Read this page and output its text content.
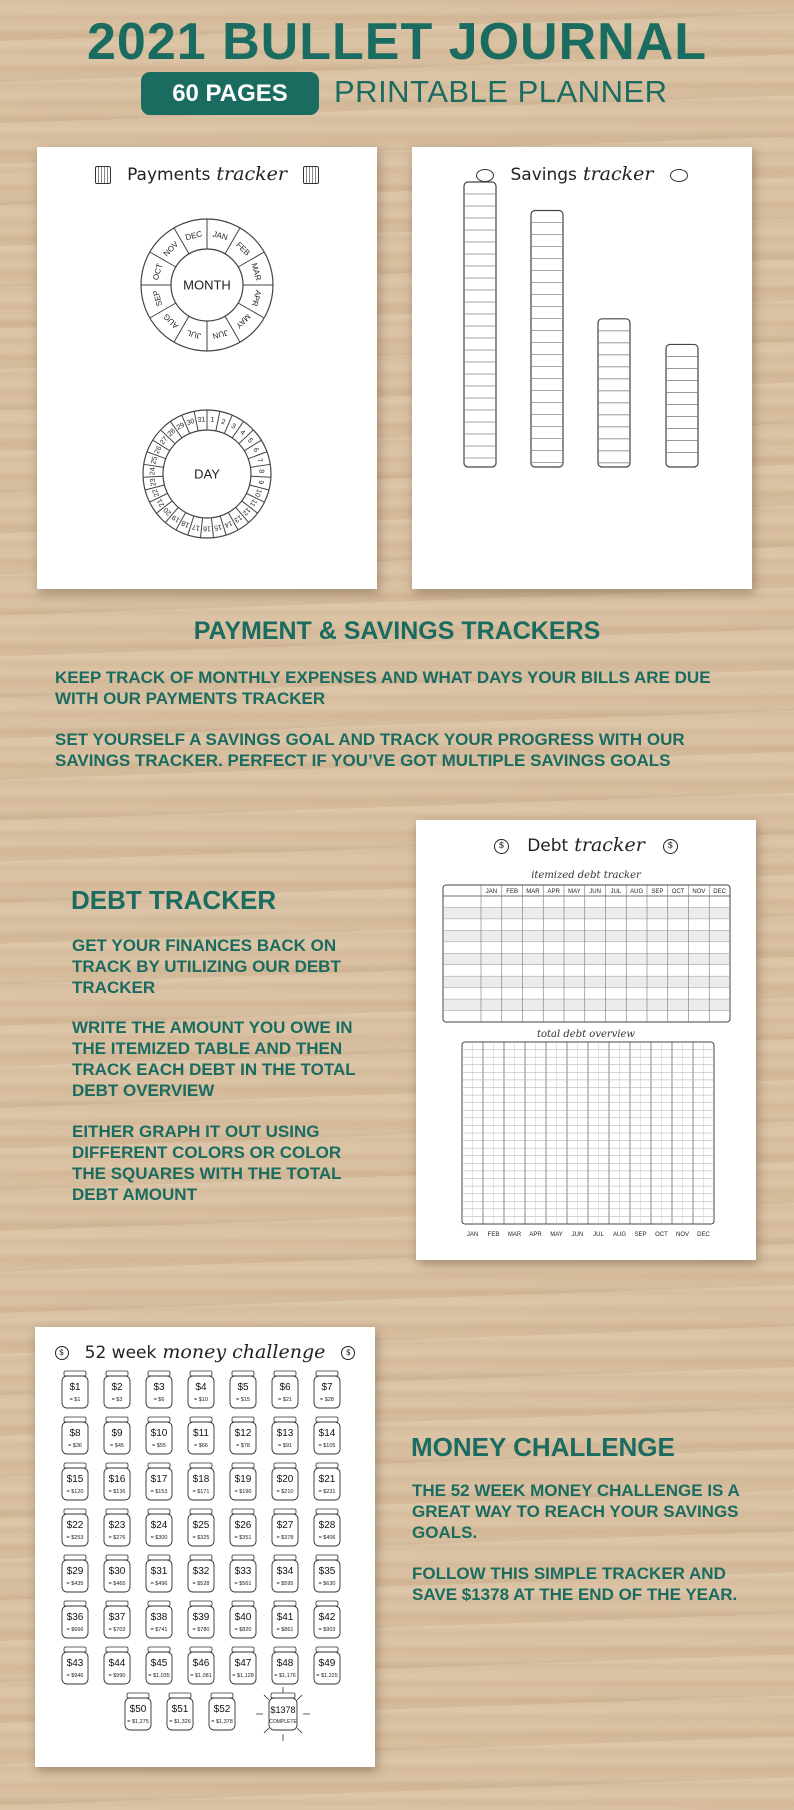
2021 BULLET JOURNAL
60 PAGES	PRINTABLE PLANNER
Payments tracker
JAN
FEB
MAR
APR
MAY
JUN
JUL
AUG
SEP
OCT
NOV
DEC
MONTH
1 2
3
4
5
6
7
8
9
10
11
12
13
14
15
16
17
18
19
20
21
22
23
24
25
26
27
28
29 30 31
DAY
Savings tracker
PAYMENT & SAVINGS TRACKERS
KEEP TRACK OF MONTHLY EXPENSES AND WHAT DAYS YOUR BILLS ARE DUE WITH OUR PAYMENTS TRACKER
SET YOURSELF A SAVINGS GOAL AND TRACK YOUR PROGRESS WITH OUR SAVINGS TRACKER. PERFECT IF YOU’VE GOT MULTIPLE SAVINGS GOALS
$ Debt tracker	$
itemized debt tracker
total debt overview
JAN FEB MAR APR MAY JUN JUL AUG SEP OCT NOV DEC
JAN FEB MAR APR MAY JUN JUL AUG SEP OCT NOV DEC
DEBT TRACKER
GET YOUR FINANCES BACK ON TRACK BY UTILIZING OUR DEBT TRACKER
WRITE THE AMOUNT YOU OWE IN THE ITEMIZED TABLE AND THEN TRACK EACH DEBT IN THE TOTAL DEBT OVERVIEW
EITHER GRAPH IT OUT USING DIFFERENT COLORS OR COLOR THE SQUARES WITH THE TOTAL DEBT AMOUNT
$ 52 week money challenge	$
$1
= $1
$2
= $3
$3
= $6
$4
= $10
$5
= $15
$6
= $21
$7
= $28
$8
= $36
$9
= $45
$10
= $55
$11
= $66
$12
= $78
$13
= $91
$14
= $105
$15
= $120
$16
= $136
$17
= $153
$18
= $171
$19
= $190
$20
= $210
$21
= $231
$22
= $253
$23
= $276
$24
= $300
$25
= $325
$26
= $351
$27
= $378
$28
= $406
$29
= $435
$30
= $465
$31
= $496
$32
= $528
$33
= $561
$34
= $595
$35
= $630
$36
= $666
$37
= $703
$38
= $741
$39
= $780
$40
= $820
$41
= $861
$42
= $903
$43
= $946
$44
= $990
$45
= $1,035
$46
= $1,081
$47
= $1,128
$48
= $1,176
$49
= $1,225
$50
= $1,275
$51
= $1,326
$52
= $1,378
$1378
COMPLETE
MONEY CHALLENGE
THE 52 WEEK MONEY CHALLENGE IS A GREAT WAY TO REACH YOUR SAVINGS GOALS.
FOLLOW THIS SIMPLE TRACKER AND SAVE $1378 AT THE END OF THE YEAR.
